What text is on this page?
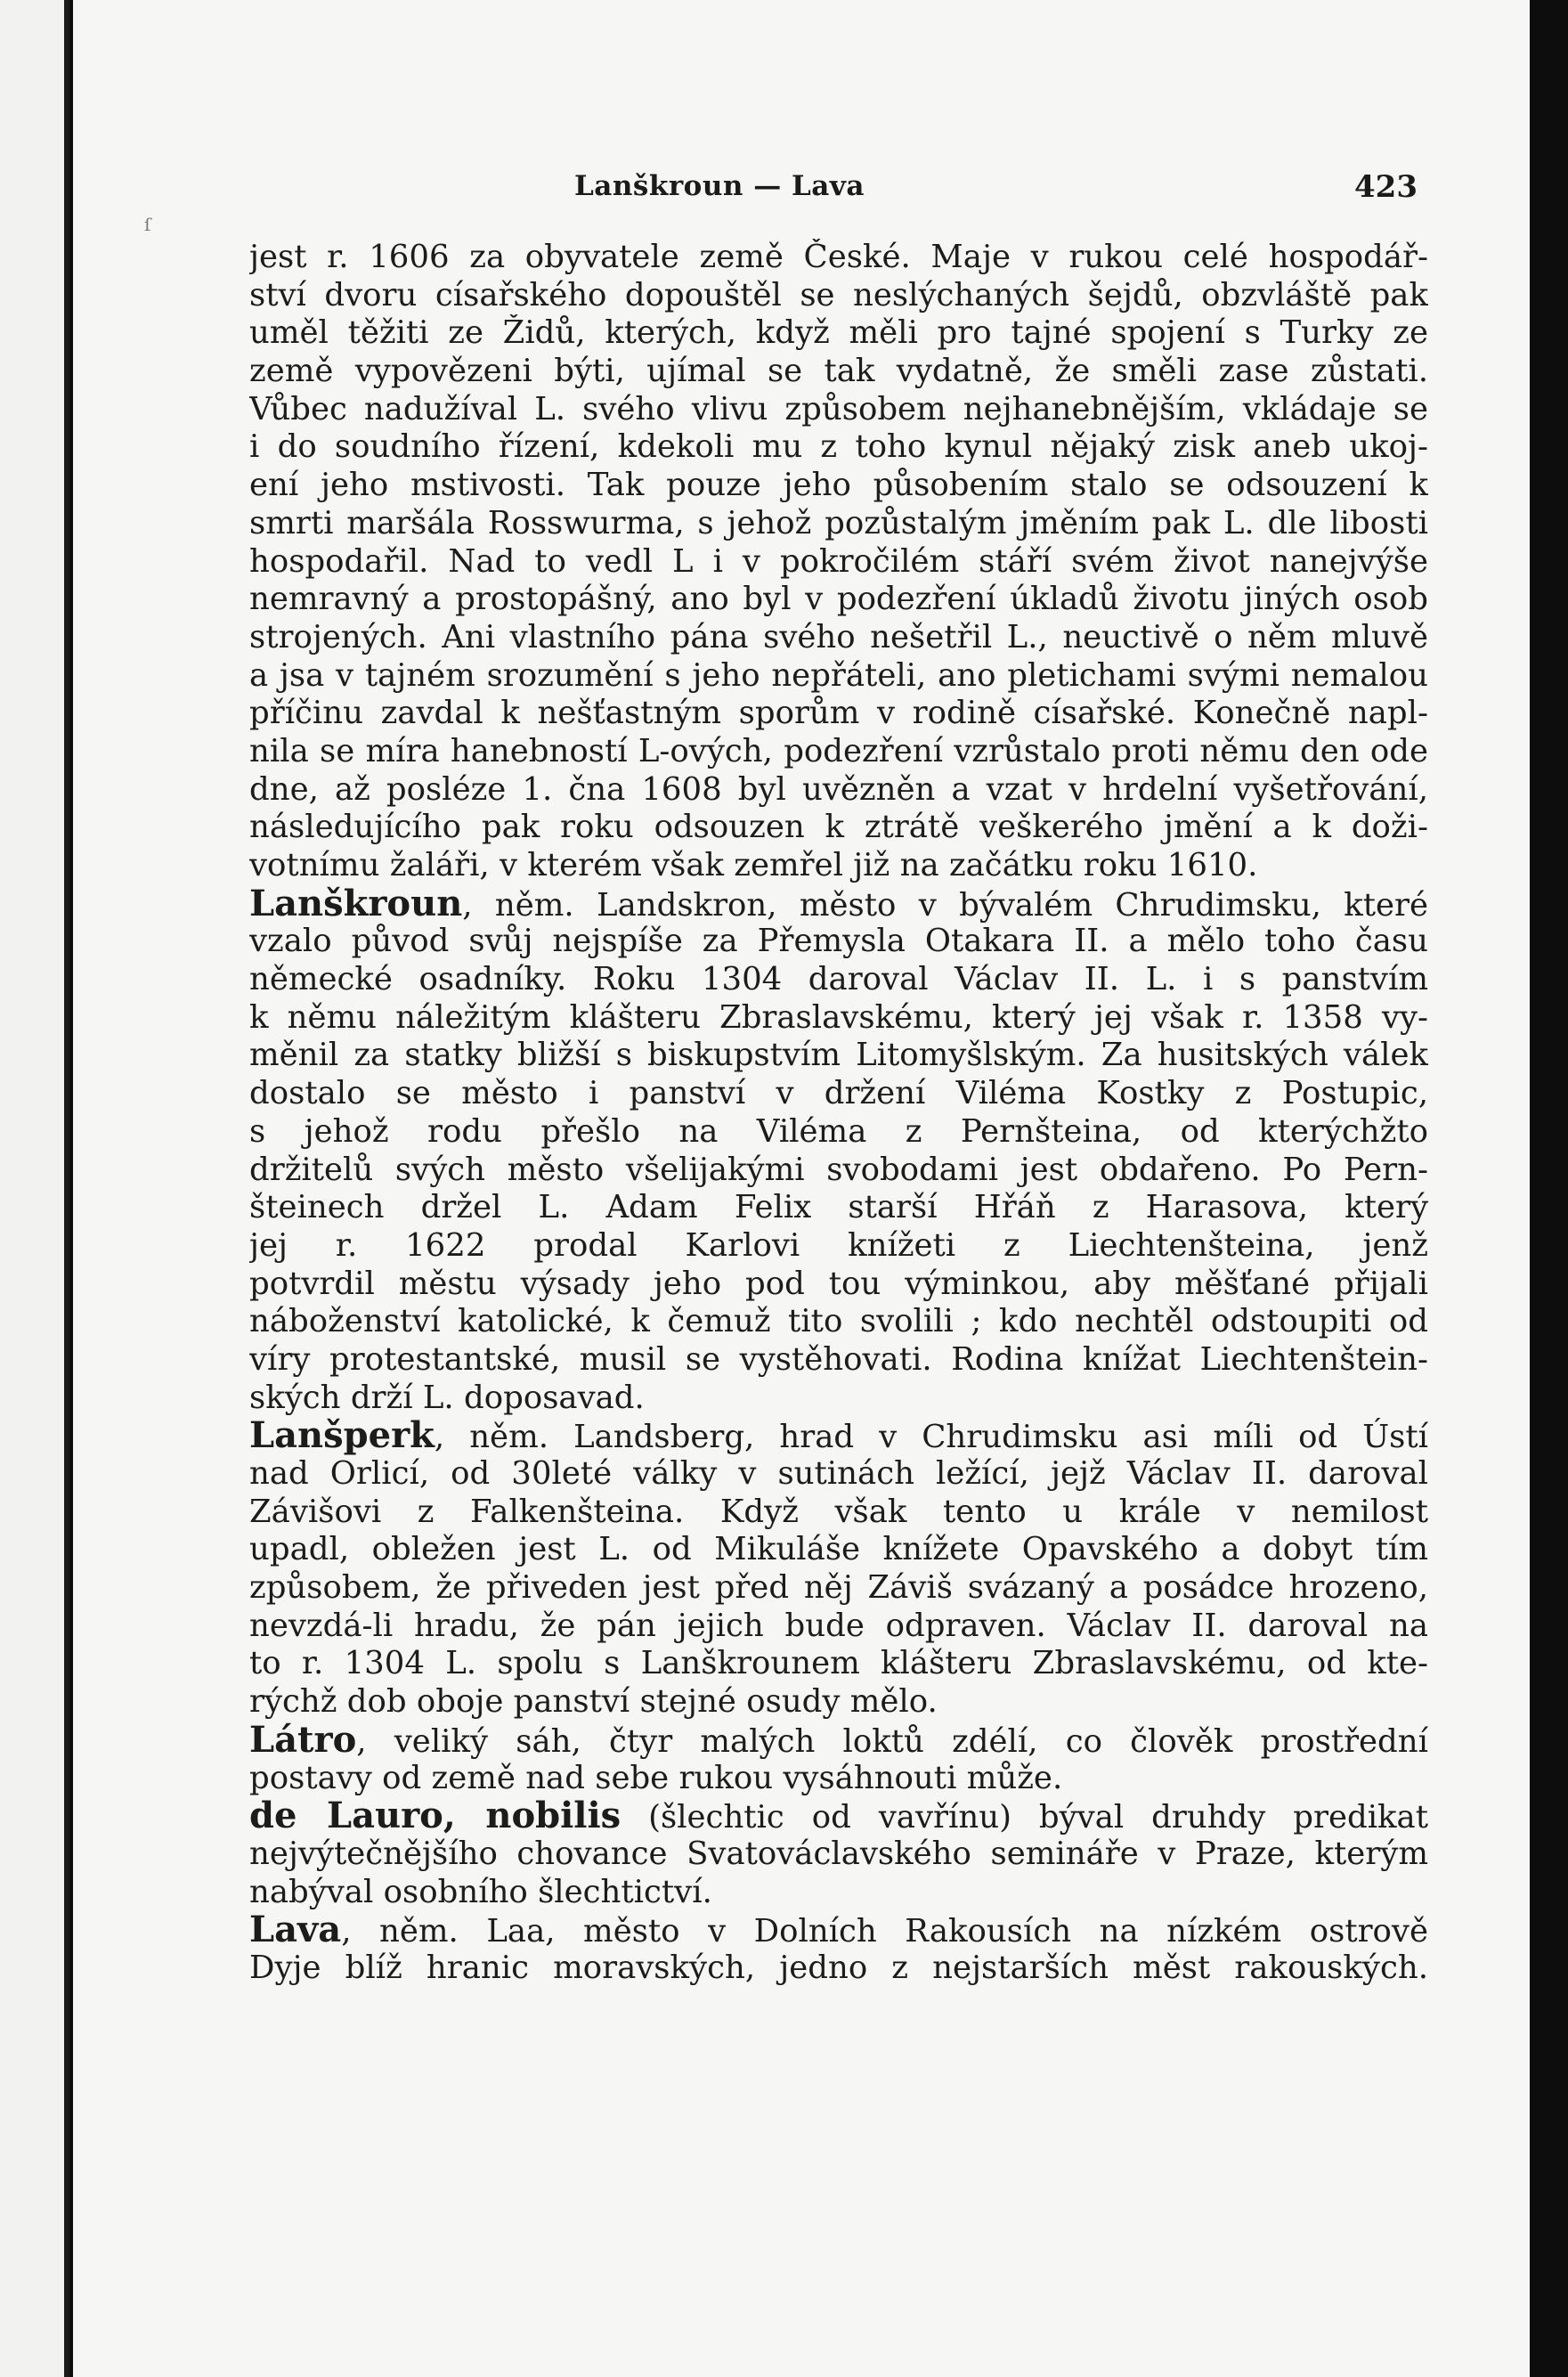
ſ
Lanškroun — Lava	423
jest r. 1606 za obyvatele země České. Maje v rukou celé hospodář-
ství dvoru císařského dopouštěl se neslýchaných šejdů, obzvláště pak
uměl těžiti ze Židů, kterých, když měli pro tajné spojení s Turky ze
země vypovězeni býti, ujímal se tak vydatně, že směli zase zůstati.
Vůbec nadužíval L. svého vlivu způsobem nejhanebnějším, vkládaje se
i do soudního řízení, kdekoli mu z toho kynul nějaký zisk aneb ukoj-
ení jeho mstivosti. Tak pouze jeho působením stalo se odsouzení k
smrti maršála Rosswurma, s jehož pozůstalým jměním pak L. dle libosti
hospodařil. Nad to vedl L i v pokročilém stáří svém život nanejvýše
nemravný a prostopášný, ano byl v podezření úkladů životu jiných osob
strojených. Ani vlastního pána svého nešetřil L., neuctivě o něm mluvě
a jsa v tajném srozumění s jeho nepřáteli, ano pletichami svými nemalou
příčinu zavdal k nešťastným sporům v rodině císařské. Konečně napl-
nila se míra hanebností L-ových, podezření vzrůstalo proti němu den ode
dne, až posléze 1. čna 1608 byl uvězněn a vzat v hrdelní vyšetřování,
následujícího pak roku odsouzen k ztrátě veškerého jmění a k doži-
votnímu žaláři, v kterém však zemřel již na začátku roku 1610.
Lanškroun, něm. Landskron, město v bývalém Chrudimsku, které
vzalo původ svůj nejspíše za Přemysla Otakara II. a mělo toho času
německé osadníky. Roku 1304 daroval Václav II. L. i s panstvím
k němu náležitým klášteru Zbraslavskému, který jej však r. 1358 vy-
měnil za statky bližší s biskupstvím Litomyšlským. Za husitských válek
dostalo se město i panství v držení Viléma Kostky z Postupic,
s jehož rodu přešlo na Viléma z Pernšteina, od kterýchžto
držitelů svých město všelijakými svobodami jest obdařeno. Po Pern-
šteinech držel L. Adam Felix starší Hřáň z Harasova, který
jej r. 1622 prodal Karlovi knížeti z Liechtenšteina, jenž
potvrdil městu výsady jeho pod tou výminkou, aby měšťané přijali
náboženství katolické, k čemuž tito svolili ; kdo nechtěl odstoupiti od
víry protestantské, musil se vystěhovati. Rodina knížat Liechtenštein-
ských drží L. doposavad.
Lanšperk, něm. Landsberg, hrad v Chrudimsku asi míli od Ústí
nad Orlicí, od 30leté války v sutinách ležící, jejž Václav II. daroval
Závišovi z Falkenšteina. Když však tento u krále v nemilost
upadl, obležen jest L. od Mikuláše knížete Opavského a dobyt tím
způsobem, že přiveden jest před něj Záviš svázaný a posádce hrozeno,
nevzdá-li hradu, že pán jejich bude odpraven. Václav II. daroval na
to r. 1304 L. spolu s Lanškrounem klášteru Zbraslavskému, od kte-
rýchž dob oboje panství stejné osudy mělo.
Látro, veliký sáh, čtyr malých loktů zdélí, co člověk prostřední
postavy od země nad sebe rukou vysáhnouti může.
de Lauro, nobilis (šlechtic od vavřínu) býval druhdy predikat
nejvýtečnějšího chovance Svatováclavského semináře v Praze, kterým
nabýval osobního šlechtictví.
Lava, něm. Laa, město v Dolních Rakousích na nízkém ostrově
Dyje blíž hranic moravských, jedno z nejstarších měst rakouských.
